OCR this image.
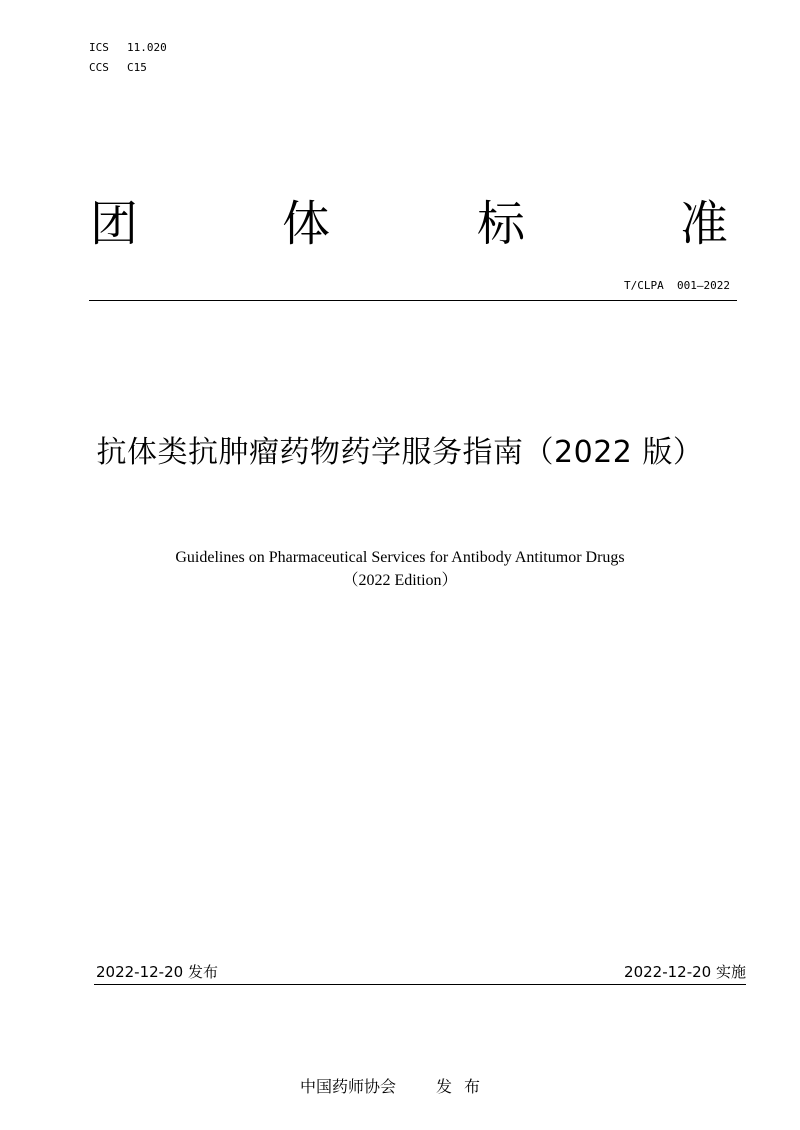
ICS 11.020
CCS C15
团	体	标	准
T/CLPA  001—2022
抗体类抗肿瘤药物药学服务指南（2022 版）
Guidelines on Pharmaceutical Services for Antibody Antitumor Drugs
（2022 Edition）
2022-12-20 发布	2022-12-20 实施
中国药师协会	发布
